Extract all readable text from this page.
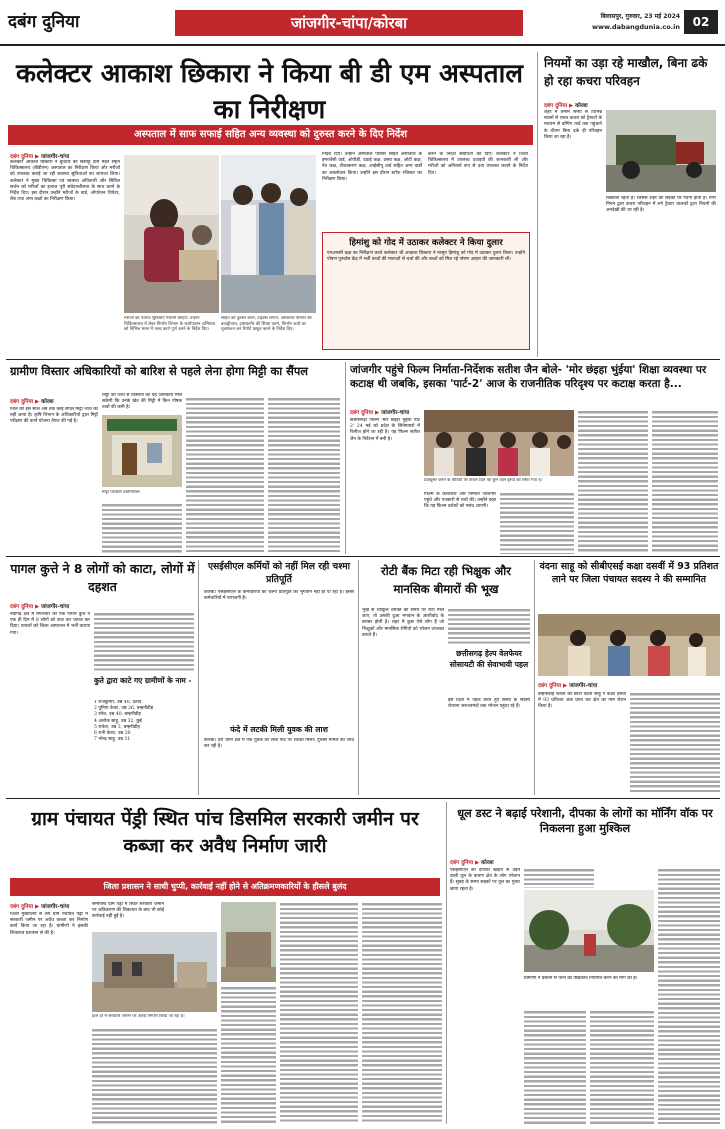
दबंग दुनिया	जांजगीर-चांपा/कोरबा	बिलासपुर, गुरुवार, 23 मई 2024
www.dabangdunia.co.in	02
कलेक्टर आकाश छिकारा ने किया बी डी एम अस्पताल का निरीक्षण
अस्पताल में साफ सफाई सहित अन्य व्यवस्था को दुरुस्त करने के दिए निर्देश
दबंग दुनिया ▶ जांजगीर-चांपा
कलेक्टर आकाश छिकारा ने बुधवार को बिसाहू दास महंत स्मृति चिकित्सालय (बीडीएम) अस्पताल का निरीक्षण किया और मरीजों को उपलब्ध कराई जा रही स्वास्थ्य सुविधाओं का जायजा लिया। कलेक्टर ने मुख्य चिकित्सा एवं स्वास्थ्य अधिकारी और सिविल सर्जन को मरीजों का इलाज पूरी संवेदनशीलता के साथ करने के निर्देश दिए। इस दौरान उन्होंने मरीजों के वार्ड, ऑपरेशन थियेटर, लैब तथा अन्य कक्षों का निरीक्षण किया।
मरीजों को पर्याप्त सुविधाएं मिलनी चाहिए। उन्होंने चिकित्सालय में लेबर निर्माण विभाग के कार्यपालन अभियंता को विभिन्न भवन में जल्द कार्य पूर्ण करने के निर्देश दिए।
सहित को दुरुस्त करने, टाइल्स लगाने, अस्पताल परिसर की बाउंड्रीवाल, ट्रांसफार्मर की शिफ्ट करने, निर्माण कार्य का मूल्यांकन कर रिपोर्ट प्रस्तुत करने के निर्देश दिए।
निर्देश दिए। उन्होंने अस्पताल परिसर सहित अस्पताल के इमरजेंसी वार्ड, ओपीडी, दवाई कक्ष, प्रसव कक्ष, ओटी कक्ष, नेत्र कक्ष, टीकाकरण कक्ष, आईसीयू वार्ड सहित अन्य वार्डों का अवलोकन किया। उन्होंने इस दौरान स्टॉफ रजिस्टर का निरीक्षण किया।
करने के निर्देश संबंधितों को दिए। कलेक्टर ने जिला चिकित्सालय में उपलब्ध दवाइयों की जानकारी ली और मरीजों को अनिवार्य रूप से दवा उपलब्ध कराने के निर्देश दिए।
हिमांशु को गोद में उठाकर कलेक्टर ने किया दुलार
एनआरसी कक्ष का निरीक्षण करते कलेक्टर श्री आकाश छिकारा ने मासूम हिमांशु को गोद में उठाकर दुलार किया। उन्होंने पोषण पुनर्वास केंद्र में भर्ती बच्चों की माताओं से चर्चा की और बच्चों को मिल रहे पोषण आहार की जानकारी ली।
नियमों का उड़ा रहे माखौल, बिना ढके हो रहा कचरा परिवहन
दबंग दुनिया ▶ कोरबा
शहर में तमाम समय से विभिन्न स्थानों से एकत्र कचरा को ट्रैक्टरों के माध्यम से डम्पिंग यार्ड तक पहुंचाने के दौरान बिना ढके ही परिवहन किया जा रहा है।
बिखरता रहता है। जिससे शहर की सड़कों पर गंदगी होती है। नगर निगम द्वारा कचरा परिवहन में लगे ट्रैक्टर चालकों द्वारा नियमों की अनदेखी की जा रही है।
ग्रामीण विस्तार अधिकारियों को बारिश से पहले लेना होगा मिट्टी का सैंपल
दबंग दुनिया ▶ कोरबा
जिले को इस साल अब तक कोई सैंपल मिट्टी जांच का नहीं आया है। कृषि विभाग के अधिकारियों द्वारा मिट्टी परीक्षण की कार्य योजना तैयार की गई है।
मिट्टी की जांच से किसानों को यह जानकारी मिल सकेगी कि उनके खेत की मिट्टी में किन पोषक तत्वों की कमी है।
मिट्टी परीक्षण प्रयोगशाला
जांजगीर पहुंचे फिल्म निर्माता-निर्देशक सतीश जैन बोले- 'मोर छंइहा भुंईया' शिक्षा व्यवस्था पर कटाक्ष थी जबकि, इसका 'पार्ट-2' आज के राजनीतिक परिदृश्य पर कटाक्ष करता है...
दबंग दुनिया ▶ जांजगीर-चांपा
छत्तीसगढ़ी फिल्म 'मोर छंइहा भुंईया पार्ट 2' 24 मई को प्रदेश के सिनेमाघरों में रिलीज होने जा रही है। यह फिल्म सतीश जैन के निर्देशन में बनी है।
प्रोड्यूसर करने के वीडियो पर केवल दिल को छूने वाले दृश्यों को लिया गया है।
फिल्म के कलाकार और निर्माता जांजगीर पहुंचे और पत्रकारों से चर्चा की। उन्होंने कहा कि यह फिल्म दर्शकों को पसंद आएगी।
पागल कुत्ते ने 8 लोगों को काटा, लोगों में दहशत
दबंग दुनिया ▶ जांजगीर-चांपा
नवागढ़ क्षेत्र में मंगलवार को एक पागल कुत्ते ने एक ही दिन में 8 लोगों को काट कर घायल कर दिया। घायलों को जिला अस्पताल में भर्ती कराया गया।
कुते द्वारा काटे गए ग्रामीणों के नाम -
1 राजकुमार, उम्र 40, दतौद
2 पुनिया केवट, उम्र 26, बम्हनीडीह
3 रमेश, उम्र 40, बम्हनीडीह
4 अशोक साहू, उम्र 32, छुई
5 राकेश, उम्र 3, बम्हनीडीह
6 रानी केवट, उम्र 30
7 नरेन्द्र साहू, उम्र 31
एसईसीएल कर्मियों को नहीं मिल रही चश्मा प्रतिपूर्ति
कोरबा। एसईसीएल के कर्मचारियों को चश्मा प्रतिपूर्ति का भुगतान नहीं हो पा रहा है। इससे कर्मचारियों में नाराजगी है।
फंदे में लटकी मिली युवक की लाश
कोरबा। दर्री थाना क्षेत्र में एक युवक की लाश फंदे पर लटकी मिली। पुलिस मामले की जांच कर रही है।
रोटी बैंक मिटा रही भिक्षुक और मानसिक बीमारों की भूख
भूख से व्याकुल व्यक्ति को समय पर रोटी मिल जाए, तो उसकी दुआ भगवान के आशीर्वाद के बराबर होती है। शहर में कुछ ऐसे लोग हैं जो भिक्षुकों और मानसिक रोगियों को भोजन उपलब्ध कराते हैं।
छत्तीसगढ़ हेल्प वेलफेयर सोसायटी की सेवाभावी पहल
इस दिशा में पहल करते हुए संस्था के सदस्य रोजाना जरूरतमंदों तक भोजन पहुंचा रहे हैं।
वंदना साहू को सीबीएसई कक्षा दसवीं में 93 प्रतिशत लाने पर जिला पंचायत सदस्य ने की सम्मानित
दबंग दुनिया ▶ जांजगीर-चांपा
बम्हनीडीह ब्लॉक की छात्रा वंदना साहू ने कक्षा दसवीं में 93 प्रतिशत अंक प्राप्त कर क्षेत्र का नाम रोशन किया है।
ग्राम पंचायत पेंड्री स्थित पांच डिसमिल सरकारी जमीन पर कब्जा कर अवैध निर्माण जारी
जिला प्रशासन ने साधी चुप्पी, कार्रवाई नहीं होने से अतिक्रमणकारियों के हौसले बुलंद
दबंग दुनिया ▶ जांजगीर-चांपा
जिला मुख्यालय से लगे ग्राम पंचायत पेंड्री में सरकारी जमीन पर अवैध कब्जा कर निर्माण कार्य किया जा रहा है। ग्रामीणों ने इसकी शिकायत प्रशासन से की है।
समीपस्थ ग्राम पेंड्री में स्थित सरकारी जमीन पर अतिक्रमण की शिकायत के बाद भी कोई कार्रवाई नहीं हुई है।
हाल ही में सरकारी जमीन पर अवैध निर्माण किया जा रहा है।
धूल डस्ट ने बढ़ाई परेशानी, दीपका के लोगों का मॉर्निंग वॉक पर निकलना हुआ मुश्किल
दबंग दुनिया ▶ कोरबा
एसईसीएल की दीपका खदान से उड़ने वाली धूल के कारण क्षेत्र के लोग परेशान हैं। सुबह के समय सड़कों पर धूल का गुबार छाया रहता है।
ग्रामीणों ने प्रबंधन से पानी का छिड़काव नियमित करने की मांग की है।
